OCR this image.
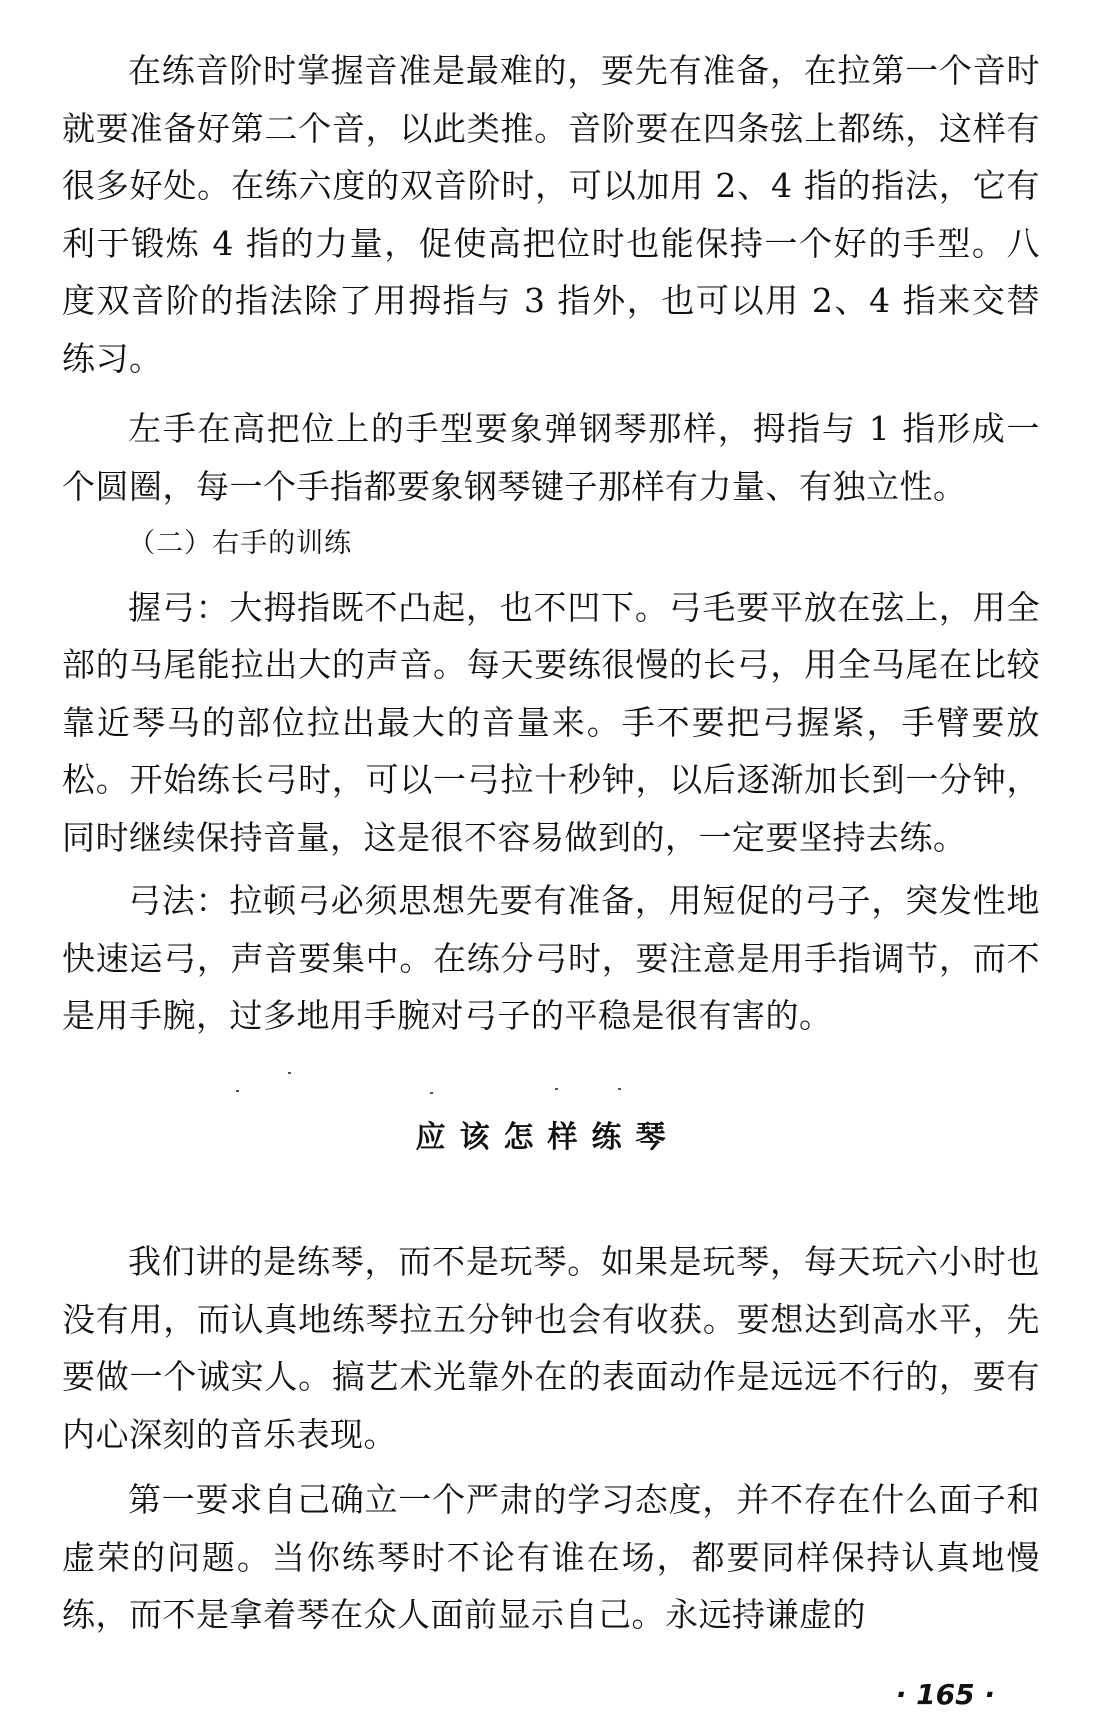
在练音阶时掌握音准是最难的，要先有准备，在拉第一个音时就要准备好第二个音，以此类推。音阶要在四条弦上都练，这样有很多好处。在练六度的双音阶时，可以加用 2、4 指的指法，它有利于锻炼 4 指的力量，促使高把位时也能保持一个好的手型。八度双音阶的指法除了用拇指与 3 指外，也可以用 2、4 指来交替练习。

左手在高把位上的手型要象弹钢琴那样，拇指与 1 指形成一个圆圈，每一个手指都要象钢琴键子那样有力量、有独立性。

（二）右手的训练

握弓：大拇指既不凸起，也不凹下。弓毛要平放在弦上，用全部的马尾能拉出大的声音。每天要练很慢的长弓，用全马尾在比较靠近琴马的部位拉出最大的音量来。手不要把弓握紧，手臂要放松。开始练长弓时，可以一弓拉十秒钟，以后逐渐加长到一分钟，同时继续保持音量，这是很不容易做到的，一定要坚持去练。

弓法：拉顿弓必须思想先要有准备，用短促的弓子，突发性地快速运弓，声音要集中。在练分弓时，要注意是用手指调节，而不是用手腕，过多地用手腕对弓子的平稳是很有害的。

应该怎样练琴

我们讲的是练琴，而不是玩琴。如果是玩琴，每天玩六小时也没有用，而认真地练琴拉五分钟也会有收获。要想达到高水平，先要做一个诚实人。搞艺术光靠外在的表面动作是远远不行的，要有内心深刻的音乐表现。

第一要求自己确立一个严肃的学习态度，并不存在什么面子和虚荣的问题。当你练琴时不论有谁在场，都要同样保持认真地慢练，而不是拿着琴在众人面前显示自己。永远持谦虚的

· 165 ·
